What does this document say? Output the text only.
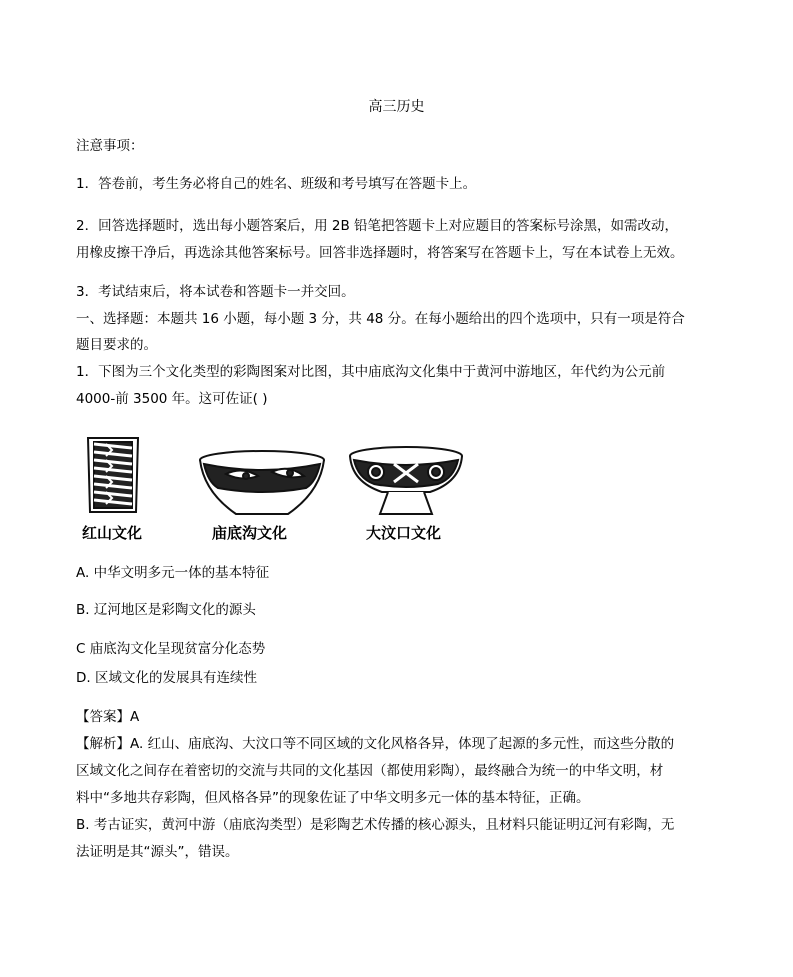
高三历史
注意事项：
1．答卷前，考生务必将自己的姓名、班级和考号填写在答题卡上。
2．回答选择题时，选出每小题答案后，用 2B 铅笔把答题卡上对应题目的答案标号涂黑，如需改动，
用橡皮擦干净后，再选涂其他答案标号。回答非选择题时，将答案写在答题卡上，写在本试卷上无效。
3．考试结束后，将本试卷和答题卡一并交回。
一、选择题：本题共 16 小题，每小题 3 分，共 48 分。在每小题给出的四个选项中，只有一项是符合
题目要求的。
1．下图为三个文化类型的彩陶图案对比图，其中庙底沟文化集中于黄河中游地区，年代约为公元前
4000-前 3500 年。这可佐证( )
红山文化	庙底沟文化	大汶口文化
A. 中华文明多元一体的基本特征
B. 辽河地区是彩陶文化的源头
C 庙底沟文化呈现贫富分化态势
D. 区域文化的发展具有连续性
【答案】A
【解析】A. 红山、庙底沟、大汶口等不同区域的文化风格各异，体现了起源的多元性，而这些分散的
区域文化之间存在着密切的交流与共同的文化基因（都使用彩陶），最终融合为统一的中华文明，材
料中“多地共存彩陶，但风格各异”的现象佐证了中华文明多元一体的基本特征，正确。
B. 考古证实，黄河中游（庙底沟类型）是彩陶艺术传播的核心源头，且材料只能证明辽河有彩陶，无
法证明是其“源头”，错误。
